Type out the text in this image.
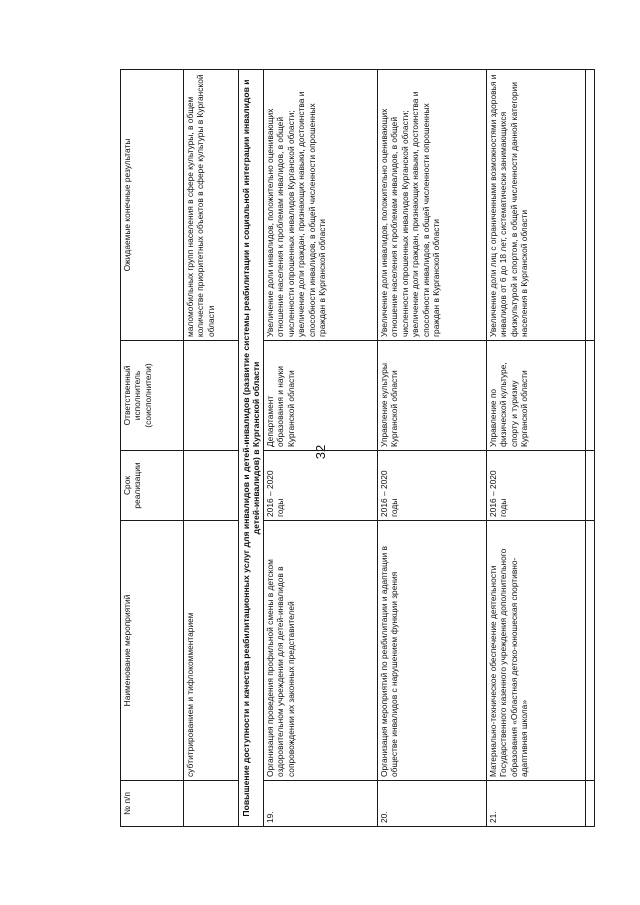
32
№ п/п	Наименование мероприятий	Срок реализации	Ответственный исполнитель (соисполнители)	Ожидаемые конечные результаты
	субтитрированием и тифлокомментарием			маломобильных групп населения в сфере культуры, в общем количестве приоритетных объектов в сфере культуры в Курганской области
Повышение доступности и качества реабилитационных услуг для инвалидов и детей-инвалидов (развитие системы реабилитации и социальной интеграции инвалидов и детей-инвалидов) в Курганской области				
19.	Организация проведения профильной смены в детском оздоровительном учреждении для детей-инвалидов в сопровождении их законных представителей	2016 – 2020 годы	Департамент образования и науки Курганской области	Увеличение доли инвалидов, положительно оценивающих отношение населения к проблемам инвалидов, в общей численности опрошенных инвалидов Курганской области; увеличение доли граждан, признающих навыки, достоинства и способности инвалидов, в общей численности опрошенных граждан в Курганской области
20.	Организация мероприятий по реабилитации и адаптации в обществе инвалидов с нарушением функции зрения	2016 – 2020 годы	Управление культуры Курганской области	Увеличение доли инвалидов, положительно оценивающих отношение населения к проблемам инвалидов, в общей численности опрошенных инвалидов Курганской области; увеличение доли граждан, признающих навыки, достоинства и способности инвалидов, в общей численности опрошенных граждан в Курганской области
21.	Материально-техническое обеспечение деятельности Государственного казенного учреждения дополнительного образования «Областная детско-юношеская спортивно-адаптивная школа»	2016 – 2020 годы	Управление по физической культуре, спорту и туризму Курганской области	Увеличение доли лиц с ограниченными возможностями здоровья и инвалидов от 6 до 18 лет, систематически занимающихся физкультурой и спортом, в общей численности данной категории населения в Курганской области
